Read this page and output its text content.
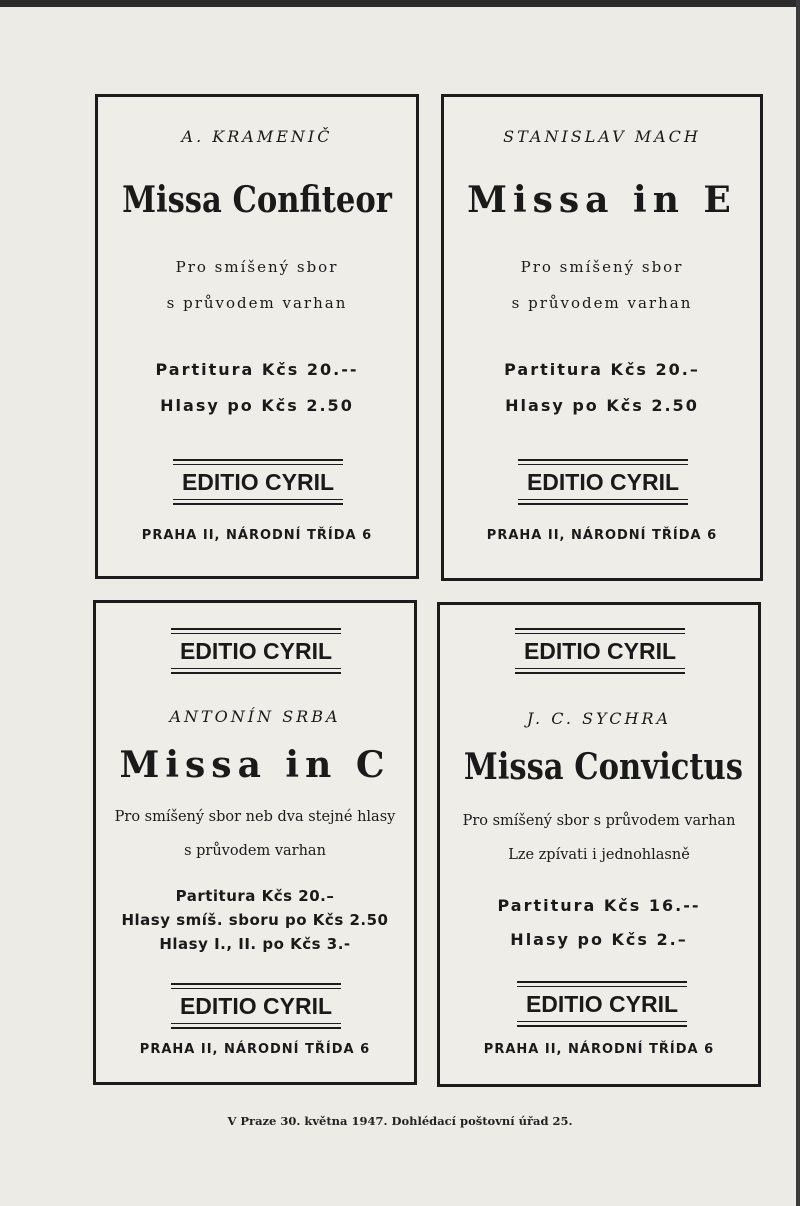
A. KRAMENIČ
Missa Confiteor
Pro smíšený sbor
s průvodem varhan
Partitura Kčs 20.--
Hlasy po Kčs 2.50
EDITIO CYRIL
PRAHA II, NÁRODNÍ TŘÍDA 6
STANISLAV MACH
Missa in E
Pro smíšený sbor
s průvodem varhan
Partitura Kčs 20.–
Hlasy po Kčs 2.50
EDITIO CYRIL
PRAHA II, NÁRODNÍ TŘÍDA 6
EDITIO CYRIL
ANTONÍN SRBA
Missa in C
Pro smíšený sbor neb dva stejné hlasy
s průvodem varhan
Partitura Kčs 20.–
Hlasy smíš. sboru po Kčs 2.50
Hlasy I., II. po Kčs 3.-
EDITIO CYRIL
PRAHA II, NÁRODNÍ TŘÍDA 6
EDITIO CYRIL
J. C. SYCHRA
Missa Convictus
Pro smíšený sbor s průvodem varhan
Lze zpívati i jednohlasně
Partitura Kčs 16.--
Hlasy po Kčs 2.–
EDITIO CYRIL
PRAHA II, NÁRODNÍ TŘÍDA 6
V Praze 30. května 1947. Dohlédací poštovní úřad 25.
